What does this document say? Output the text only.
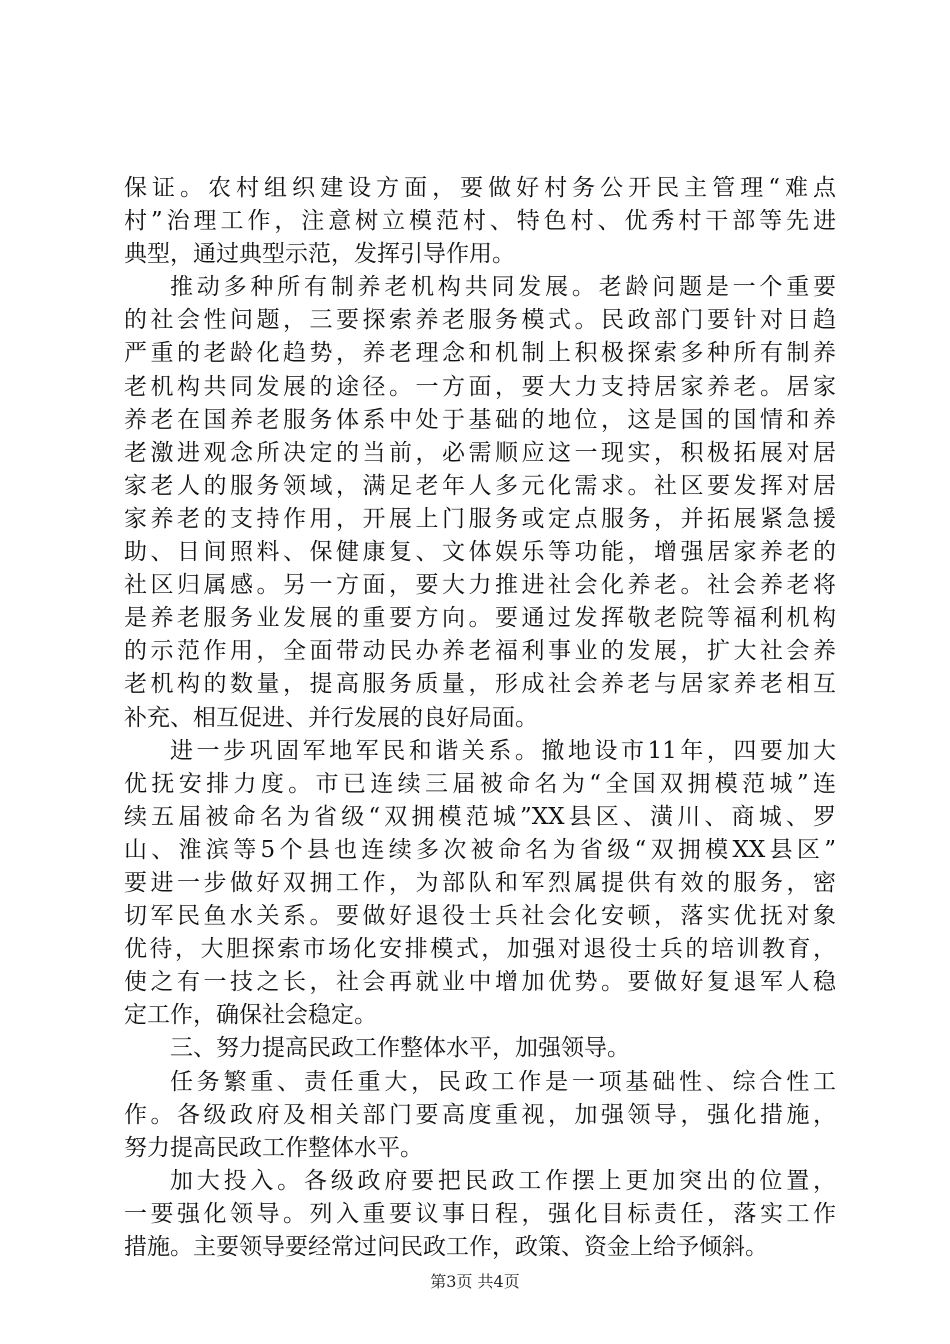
保证。农村组织建设方面，要做好村务公开民主管理“难点
村”治理工作，注意树立模范村、特色村、优秀村干部等先进
典型，通过典型示范，发挥引导作用。
推动多种所有制养老机构共同发展。老龄问题是一个重要
的社会性问题，三要探索养老服务模式。民政部门要针对日趋
严重的老龄化趋势，养老理念和机制上积极探索多种所有制养
老机构共同发展的途径。一方面，要大力支持居家养老。居家
养老在国养老服务体系中处于基础的地位，这是国的国情和养
老激进观念所决定的当前，必需顺应这一现实，积极拓展对居
家老人的服务领域，满足老年人多元化需求。社区要发挥对居
家养老的支持作用，开展上门服务或定点服务，并拓展紧急援
助、日间照料、保健康复、文体娱乐等功能，增强居家养老的
社区归属感。另一方面，要大力推进社会化养老。社会养老将
是养老服务业发展的重要方向。要通过发挥敬老院等福利机构
的示范作用，全面带动民办养老福利事业的发展，扩大社会养
老机构的数量，提高服务质量，形成社会养老与居家养老相互
补充、相互促进、并行发展的良好局面。
进一步巩固军地军民和谐关系。撤地设市11年，四要加大
优抚安排力度。市已连续三届被命名为“全国双拥模范城”连
续五届被命名为省级“双拥模范城”XX县区、潢川、商城、罗
山、淮滨等5个县也连续多次被命名为省级“双拥模XX县区”
要进一步做好双拥工作，为部队和军烈属提供有效的服务，密
切军民鱼水关系。要做好退役士兵社会化安顿，落实优抚对象
优待，大胆探索市场化安排模式，加强对退役士兵的培训教育，
使之有一技之长，社会再就业中增加优势。要做好复退军人稳
定工作，确保社会稳定。
三、努力提高民政工作整体水平，加强领导。
任务繁重、责任重大，民政工作是一项基础性、综合性工
作。各级政府及相关部门要高度重视，加强领导，强化措施，
努力提高民政工作整体水平。
加大投入。各级政府要把民政工作摆上更加突出的位置，
一要强化领导。列入重要议事日程，强化目标责任，落实工作
措施。主要领导要经常过问民政工作，政策、资金上给予倾斜。
第3页 共4页
